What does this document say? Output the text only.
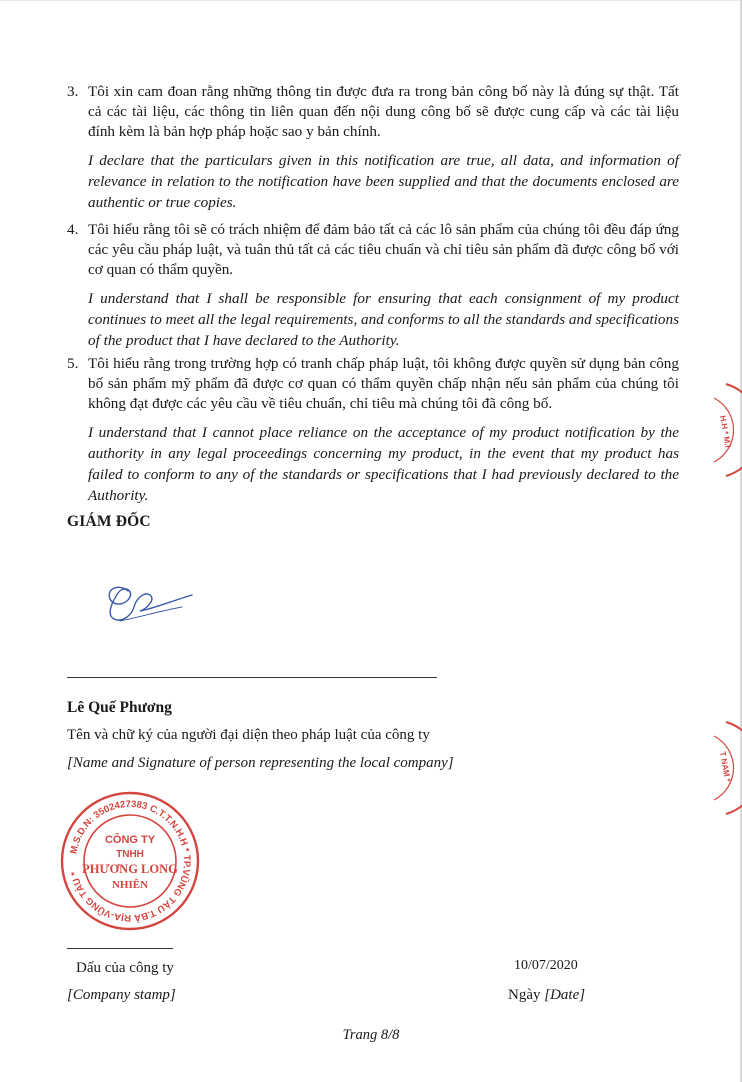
3. Tôi xin cam đoan rằng những thông tin được đưa ra trong bản công bố này là đúng sự thật. Tất cả các tài liệu, các thông tin liên quan đến nội dung công bố sẽ được cung cấp và các tài liệu đính kèm là bản hợp pháp hoặc sao y bản chính.
I declare that the particulars given in this notification are true, all data, and information of relevance in relation to the notification have been supplied and that the documents enclosed are authentic or true copies.
4. Tôi hiểu rằng tôi sẽ có trách nhiệm để đảm bảo tất cả các lô sản phẩm của chúng tôi đều đáp ứng các yêu cầu pháp luật, và tuân thủ tất cả các tiêu chuẩn và chỉ tiêu sản phẩm đã được công bố với cơ quan có thẩm quyền.
I understand that I shall be responsible for ensuring that each consignment of my product continues to meet all the legal requirements, and conforms to all the standards and specifications of the product that I have declared to the Authority.
5. Tôi hiểu rằng trong trường hợp có tranh chấp pháp luật, tôi không được quyền sử dụng bản công bố sản phẩm mỹ phẩm đã được cơ quan có thẩm quyền chấp nhận nếu sản phẩm của chúng tôi không đạt được các yêu cầu về tiêu chuẩn, chỉ tiêu mà chúng tôi đã công bố.
I understand that I cannot place reliance on the acceptance of my product notification by the authority in any legal proceedings concerning my product, in the event that my product has failed to conform to any of the standards or specifications that I had previously declared to the Authority.
GIÁM ĐỐC
Lê Quế Phương
Tên và chữ ký của người đại diện theo pháp luật của công ty
[Name and Signature of person representing the local company]
M.S.D.N: 3502427383 C.T.T.N.H.H * TP.VŨNG TÀU T.BÀ RỊA-VŨNG TÀU *
CÔNG TY
TNHH
PHƯƠNG LONG
NHIÊN
H.H * M.I
T NAM *
Dấu của công ty
[Company stamp]
10/07/2020
Ngày [Date]
Trang 8/8
